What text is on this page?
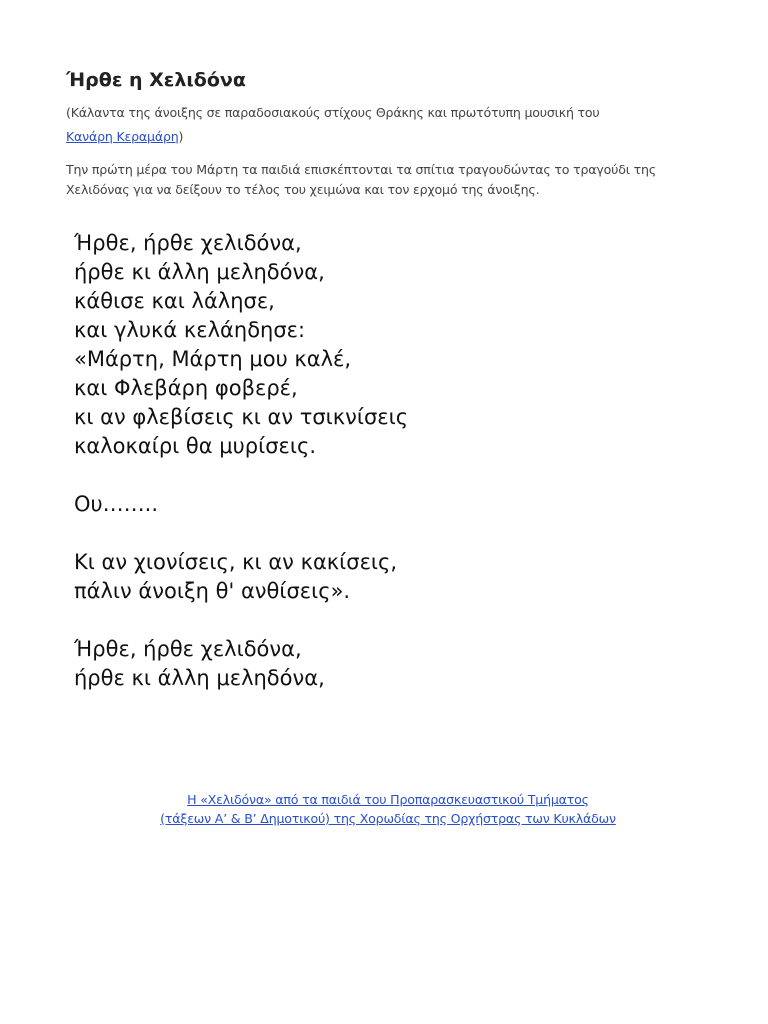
Ήρθε η Χελιδόνα
(Κάλαντα της άνοιξης σε παραδοσιακούς στίχους Θράκης και πρωτότυπη μουσική του
Κανάρη Κεραμάρη)
Την πρώτη μέρα του Μάρτη τα παιδιά επισκέπτονται τα σπίτια τραγουδώντας το τραγούδι της Χελιδόνας για να δείξουν το τέλος του χειμώνα και τον ερχομό της άνοιξης.
Ήρθε, ήρθε χελιδόνα,
ήρθε κι άλλη μεληδόνα,
κάθισε και λάλησε,
και γλυκά κελάηδησε:
«Μάρτη, Μάρτη μου καλέ,
και Φλεβάρη φοβερέ,
κι αν φλεβίσεις κι αν τσικνίσεις
καλοκαίρι θα μυρίσεις.
Ου……..
Κι αν χιονίσεις, κι αν κακίσεις,
πάλιν άνοιξη θ' ανθίσεις».
Ήρθε, ήρθε χελιδόνα,
ήρθε κι άλλη μεληδόνα,
Η «Χελιδόνα» από τα παιδιά του Προπαρασκευαστικού Τμήματος
(τάξεων Α’ & Β’ Δημοτικού) της Χορωδίας της Ορχήστρας των Κυκλάδων
